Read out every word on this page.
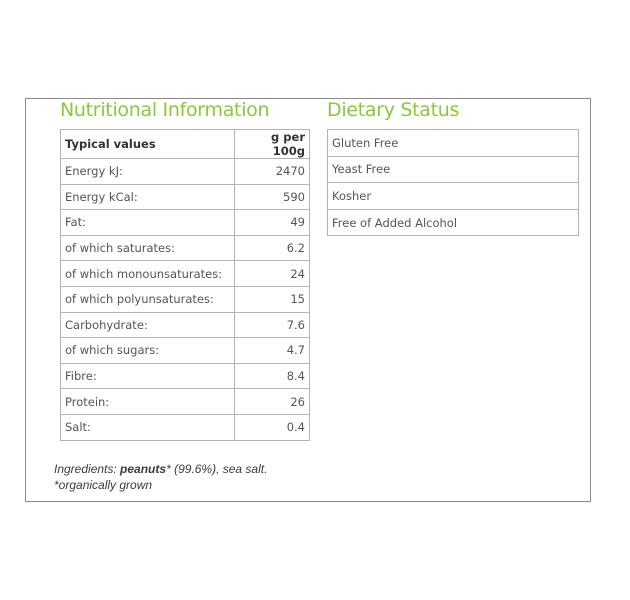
Nutritional Information	Dietary Status
Typical values	g per 100g
Energy kJ:	2470
Energy kCal:	590
Fat:	49
of which saturates:	6.2
of which monounsaturates:	24
of which polyunsaturates:	15
Carbohydrate:	7.6
of which sugars:	4.7
Fibre:	8.4
Protein:	26
Salt:	0.4
Gluten Free
Yeast Free
Kosher
Free of Added Alcohol
Ingredients: peanuts* (99.6%), sea salt.
*organically grown
